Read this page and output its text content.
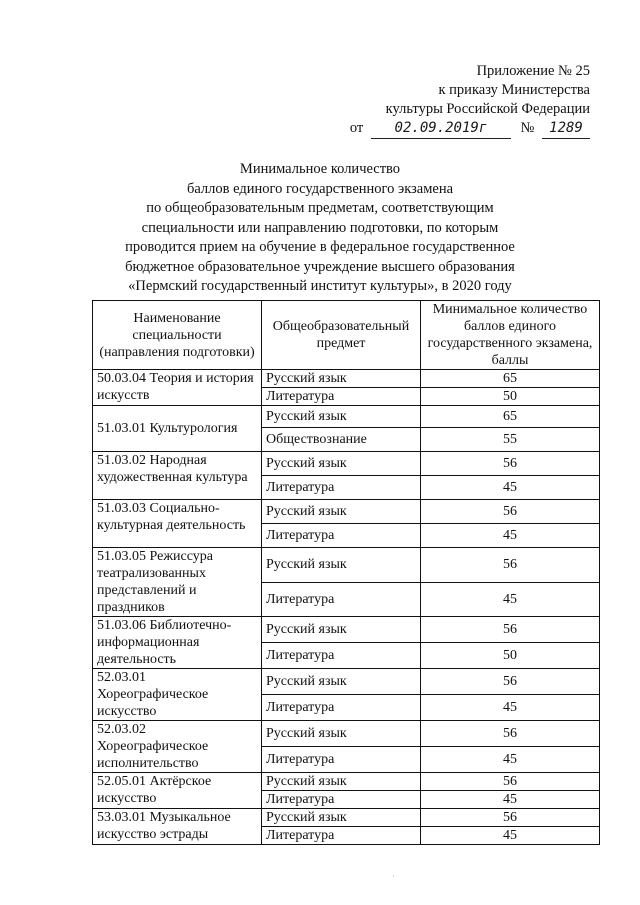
Приложение № 25
к приказу Министерства
культуры Российской Федерации
от 02.09.2019г № 1289
Минимальное количество
баллов единого государственного экзамена
по общеобразовательным предметам, соответствующим
специальности или направлению подготовки, по которым
проводится прием на обучение в федеральное государственное
бюджетное образовательное учреждение высшего образования
«Пермский государственный институт культуры», в 2020 году
Наименование специальности (направления подготовки)	Общеобразовательный предмет	Минимальное количество баллов единого государственного экзамена, баллы
50.03.04 Теория и история искусств	Русский язык	65
	Литература	50
51.03.01 Культурология	Русский язык	65
	Обществознание	55
51.03.02 Народная художественная культура	Русский язык	56
	Литература	45
51.03.03 Социально-культурная деятельность	Русский язык	56
	Литература	45
51.03.05 Режиссура театрализованных представлений и праздников	Русский язык	56
	Литература	45
51.03.06 Библиотечно-информационная деятельность	Русский язык	56
	Литература	50
52.03.01 Хореографическое искусство	Русский язык	56
	Литература	45
52.03.02 Хореографическое исполнительство	Русский язык	56
	Литература	45
52.05.01 Актёрское искусство	Русский язык	56
	Литература	45
53.03.01 Музыкальное искусство эстрады	Русский язык	56
	Литература	45
·
